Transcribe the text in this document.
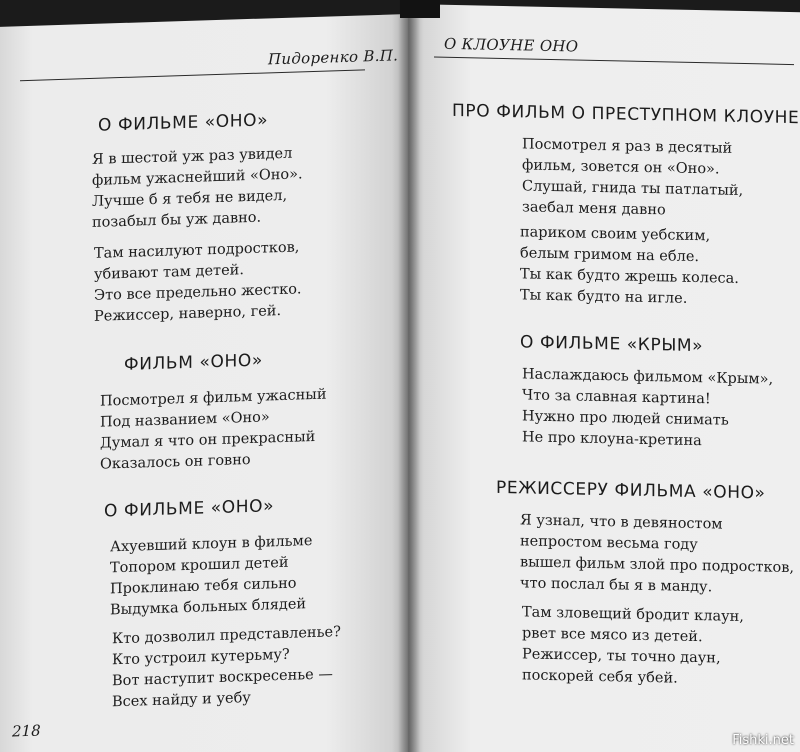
Пидоренко В.П.
О ФИЛЬМЕ «ОНО»
Я в шестой уж раз увидел
фильм ужаснейший «Оно».
Лучше б я тебя не видел,
позабыл бы уж давно.
Там насилуют подростков,
убивают там детей.
Это все предельно жестко.
Режиссер, наверно, гей.
ФИЛЬМ «ОНО»
Посмотрел я фильм ужасный
Под названием «Оно»
Думал я что он прекрасный
Оказалось он говно
О ФИЛЬМЕ «ОНО»
Ахуевший клоун в фильме
Топором крошил детей
Проклинаю тебя сильно
Выдумка больных блядей
Кто дозволил представленье?
Кто устроил кутерьму?
Вот наступит воскресенье —
Всех найду и уебу
218
О КЛОУНЕ ОНО
ПРО ФИЛЬМ О ПРЕСТУПНОМ КЛОУНЕ
Посмотрел я раз в десятый
фильм, зовется он «Оно».
Слушай, гнида ты патлатый,
заебал меня давно
париком своим уебским,
белым гримом на ебле.
Ты как будто жрешь колеса.
Ты как будто на игле.
О ФИЛЬМЕ «КРЫМ»
Наслаждаюсь фильмом «Крым»,
Что за славная картина!
Нужно про людей снимать
Не про клоуна-кретина
РЕЖИССЕРУ ФИЛЬМА «ОНО»
Я узнал, что в девяностом
непростом весьма году
вышел фильм злой про подростков,
что послал бы я в манду.
Там зловещий бродит клаун,
рвет все мясо из детей.
Режиссер, ты точно даун,
поскорей себя убей.
Fishki.net
